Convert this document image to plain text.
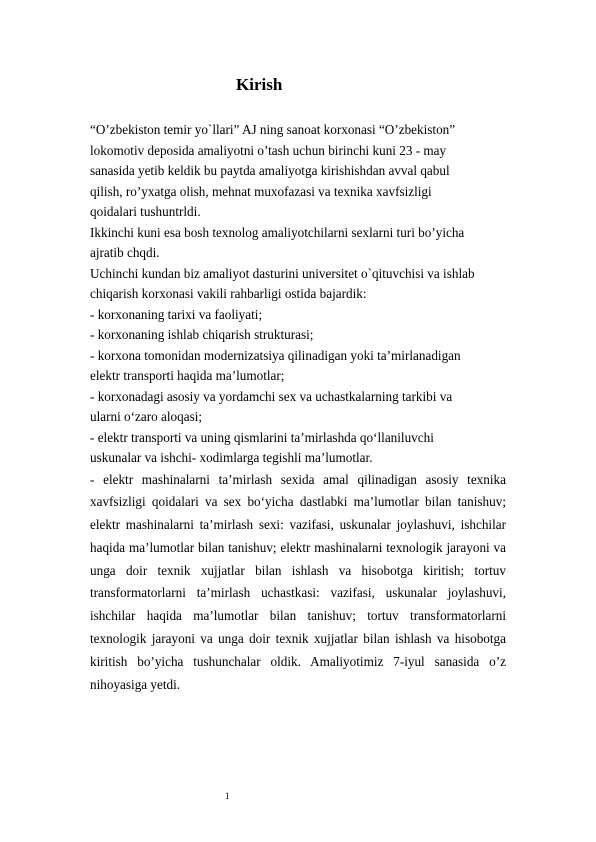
Kirish

“O’zbekiston temir yo`llari” AJ ning sanoat korxonasi “O’zbekiston”

lokomotiv deposida amaliyotni o’tash uchun birinchi kuni 23 - may

sanasida yetib keldik bu paytda amaliyotga kirishishdan avval qabul

qilish, ro’yxatga olish, mehnat muxofazasi va texnika xavfsizligi

qoidalari tushuntrldi.

Ikkinchi kuni esa bosh texnolog amaliyotchilarni sexlarni turi bo’yicha

ajratib chqdi.

Uchinchi kundan biz amaliyot dasturini universitet o`qituvchisi va ishlab

chiqarish korxonasi vakili rahbarligi ostida bajardik:

- korxonaning tarixi va faoliyati;

- korxonaning ishlab chiqarish strukturasi;

- korxona tomonidan modernizatsiya qilinadigan yoki ta’mirlanadigan

elektr transporti haqida ma’lumotlar;

- korxonadagi asosiy va yordamchi sex va uchastkalarning tarkibi va

ularni o‘zaro aloqasi;

- elektr transporti va uning qismlarini ta’mirlashda qo‘llaniluvchi

uskunalar va ishchi- xodimlarga tegishli ma’lumotlar.

- elektr mashinalarni ta’mirlash sexida amal qilinadigan asosiy texnika xavfsizligi qoidalari va sex bo‘yicha dastlabki ma’lumotlar bilan tanishuv; elektr mashinalarni ta’mirlash sexi: vazifasi, uskunalar joylashuvi, ishchilar haqida ma’lumotlar bilan tanishuv; elektr mashinalarni texnologik jarayoni va unga doir texnik xujjatlar bilan ishlash va hisobotga kiritish; tortuv transformatorlarni ta’mirlash uchastkasi: vazifasi, uskunalar joylashuvi, ishchilar haqida ma’lumotlar bilan tanishuv; tortuv transformatorlarni texnologik jarayoni va unga doir texnik xujjatlar bilan ishlash va hisobotga kiritish bo’yicha tushunchalar oldik. Amaliyotimiz 7-iyul sanasida o’z nihoyasiga yetdi.

1
